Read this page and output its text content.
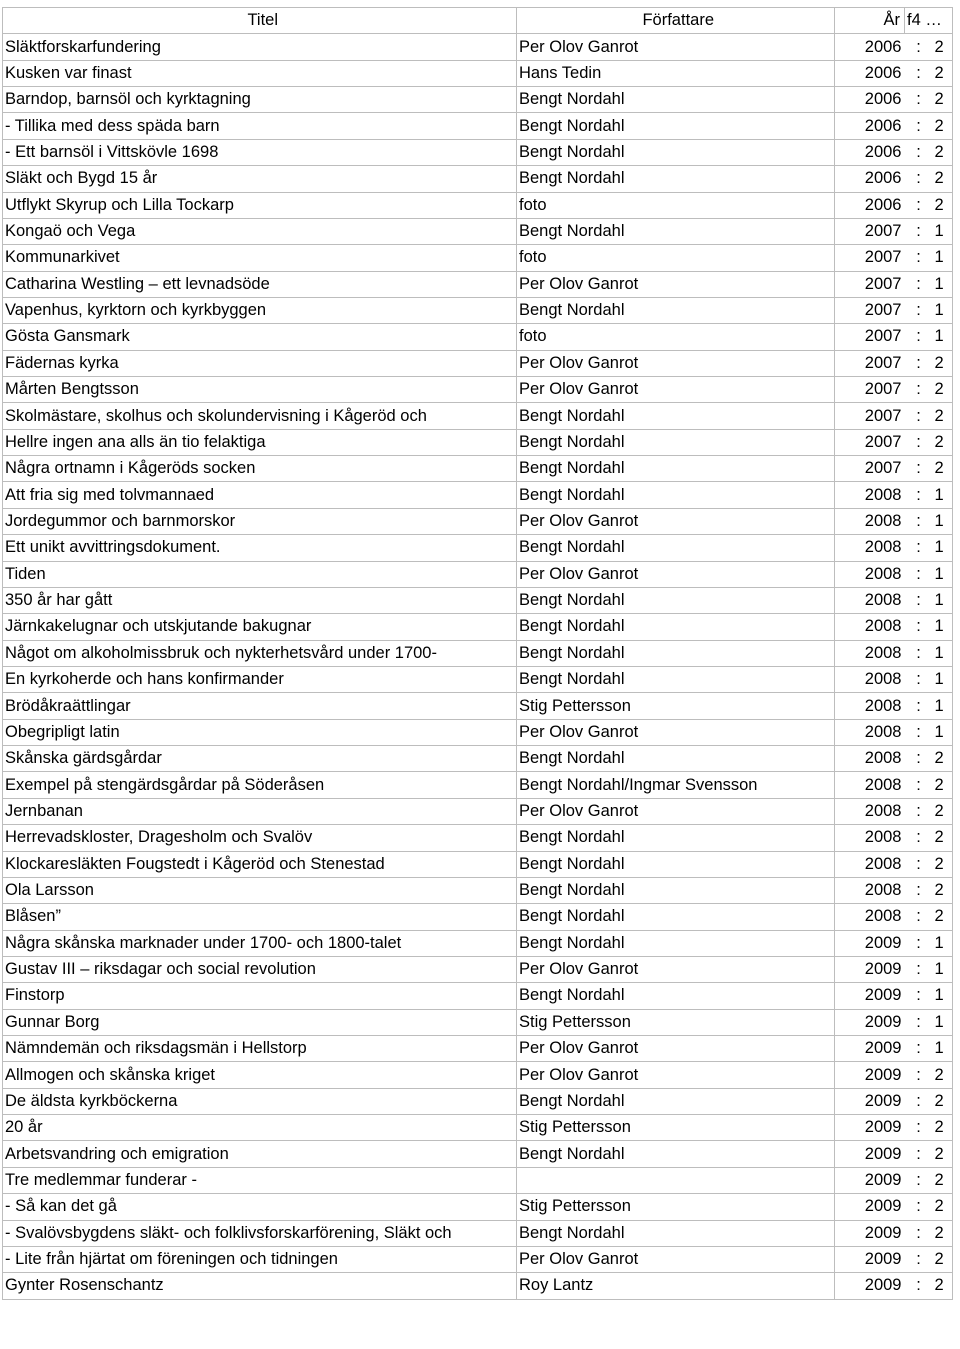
Titel	Författare	År	f4 …	
Släktforskarfundering	Per Olov Ganrot	2006	:	2
Kusken var finast	Hans Tedin	2006	:	2
Barndop, barnsöl och kyrktagning	Bengt Nordahl	2006	:	2
- Tillika med dess späda barn	Bengt Nordahl	2006	:	2
- Ett barnsöl i Vittskövle 1698	Bengt Nordahl	2006	:	2
Släkt och Bygd 15 år	Bengt Nordahl	2006	:	2
Utflykt Skyrup och Lilla Tockarp	foto	2006	:	2
Kongaö och Vega	Bengt Nordahl	2007	:	1
Kommunarkivet	foto	2007	:	1
Catharina Westling – ett levnadsöde	Per Olov Ganrot	2007	:	1
Vapenhus, kyrktorn och kyrkbyggen	Bengt Nordahl	2007	:	1
Gösta Gansmark	foto	2007	:	1
Fädernas kyrka	Per Olov Ganrot	2007	:	2
Mårten Bengtsson	Per Olov Ganrot	2007	:	2
Skolmästare, skolhus och skolundervisning i Kågeröd och	Bengt Nordahl	2007	:	2
Hellre ingen ana alls än tio felaktiga	Bengt Nordahl	2007	:	2
Några ortnamn i Kågeröds socken	Bengt Nordahl	2007	:	2
Att fria sig med tolvmannaed	Bengt Nordahl	2008	:	1
Jordegummor och barnmorskor	Per Olov Ganrot	2008	:	1
Ett unikt avvittringsdokument.	Bengt Nordahl	2008	:	1
Tiden	Per Olov Ganrot	2008	:	1
350 år har gått	Bengt Nordahl	2008	:	1
Järnkakelugnar och utskjutande bakugnar	Bengt Nordahl	2008	:	1
Något om alkoholmissbruk och nykterhetsvård under 1700-	Bengt Nordahl	2008	:	1
En kyrkoherde och hans konfirmander	Bengt Nordahl	2008	:	1
Brödåkraättlingar	Stig Pettersson	2008	:	1
Obegripligt latin	Per Olov Ganrot	2008	:	1
Skånska gärdsgårdar	Bengt Nordahl	2008	:	2
Exempel på stengärdsgårdar på Söderåsen	Bengt Nordahl/Ingmar Svensson	2008	:	2
Jernbanan	Per Olov Ganrot	2008	:	2
Herrevadskloster, Dragesholm och Svalöv	Bengt Nordahl	2008	:	2
Klockaresläkten Fougstedt i Kågeröd och Stenestad	Bengt Nordahl	2008	:	2
Ola Larsson	Bengt Nordahl	2008	:	2
Blåsen”	Bengt Nordahl	2008	:	2
Några skånska marknader under 1700- och 1800-talet	Bengt Nordahl	2009	:	1
Gustav III – riksdagar och social revolution	Per Olov Ganrot	2009	:	1
Finstorp	Bengt Nordahl	2009	:	1
Gunnar Borg	Stig Pettersson	2009	:	1
Nämndemän och riksdagsmän i Hellstorp	Per Olov Ganrot	2009	:	1
Allmogen och skånska kriget	Per Olov Ganrot	2009	:	2
De äldsta kyrkböckerna	Bengt Nordahl	2009	:	2
20 år	Stig Pettersson	2009	:	2
Arbetsvandring och emigration	Bengt Nordahl	2009	:	2
Tre medlemmar funderar -		2009	:	2
- Så kan det gå	Stig Pettersson	2009	:	2
- Svalövsbygdens släkt- och folklivsforskarförening, Släkt och	Bengt Nordahl	2009	:	2
- Lite från hjärtat om föreningen och tidningen	Per Olov Ganrot	2009	:	2
Gynter Rosenschantz	Roy Lantz	2009	:	2
